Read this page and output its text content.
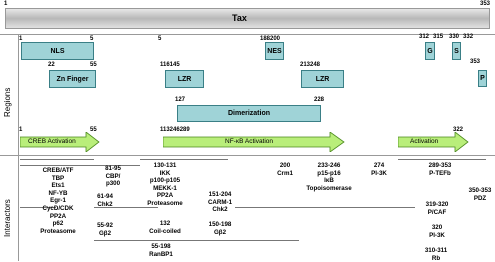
Tax
1	353
Regions
Interactors
1	5
NLS
5	188200
NES
312 315 330 332
G	S
22	55
Zn Finger
116145
LZR
213248
LZR
353
P
127	228
Dimerization
1	55
CREB Activation
113246289
NF-κB Activation
322
Activation
CREB/ATF
TBP
Ets1
NF-YB
Egr-1
CycD/CDK
PP2A
p62
Proteasome
81-95
CBP/
p300
61-94
Chk2
55-92
Gβ2
130-131
IKK
p100-p105
MEKK-1
PP2A
Proteasome
132
Coil-coiled
55-198
RanBP1
200
Crm1
151-204
CARM-1
Chk2
150-198
Gβ2
233-246
p15-p16
IκB
Topoisomerase
274
PI-3K
289-353
P-TEFb
319-320
P/CAF
320
PI-3K
310-311
Rb
350-353
PDZ
